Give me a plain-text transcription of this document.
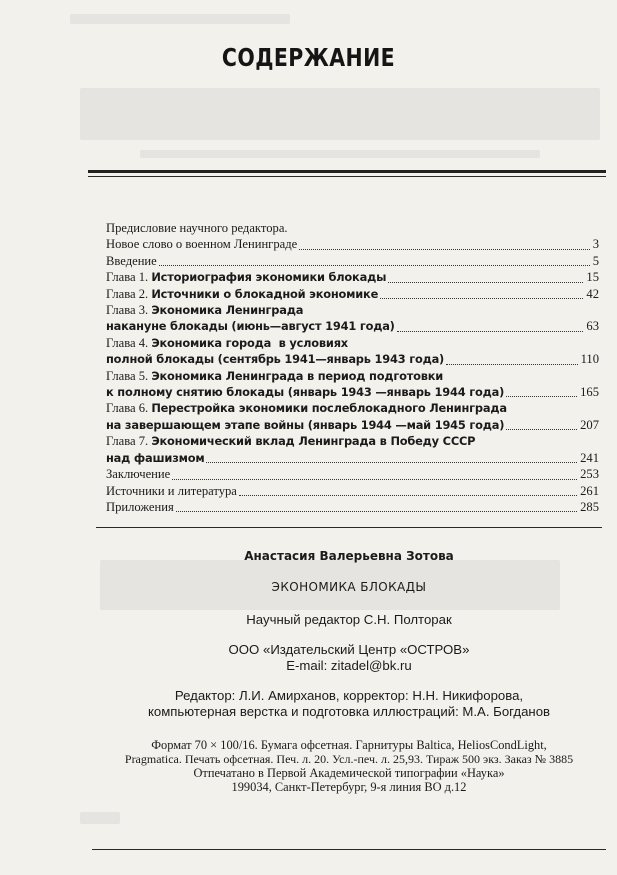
СОДЕРЖАНИЕ
Предисловие научного редактора.
Новое слово о военном Ленинграде	3
Введение	5
Глава 1. Историография экономики блокады	15
Глава 2. Источники о блокадной экономике	42
Глава 3. Экономика Ленинграда
накануне блокады (июнь—август 1941 года)	63
Глава 4. Экономика города  в условиях
полной блокады (сентябрь 1941—январь 1943 года)	110
Глава 5. Экономика Ленинграда в период подготовки
к полному снятию блокады (январь 1943 —январь 1944 года)	165
Глава 6. Перестройка экономики послеблокадного Ленинграда
на завершающем этапе войны (январь 1944 —май 1945 года)	207
Глава 7. Экономический вклад Ленинграда в Победу СССР
над фашизмом	241
Заключение	253
Источники и литература	261
Приложения	285
Анастасия Валерьевна Зотова
ЭКОНОМИКА БЛОКАДЫ
Научный редактор С.Н. Полторак
ООО «Издательский Центр «ОСТРОВ»
E-mail: zitadel@bk.ru
Редактор: Л.И. Амирханов, корректор: Н.Н. Никифорова,
компьютерная верстка и подготовка иллюстраций: М.А. Богданов
Формат 70 × 100/16. Бумага офсетная. Гарнитуры Baltica, HeliosCondLight,
Pragmatica. Печать офсетная. Печ. л. 20. Усл.-печ. л. 25,93. Тираж 500 экз. Заказ № 3885
Отпечатано в Первой Академической типографии «Наука»
199034, Санкт-Петербург, 9-я линия ВО д.12
